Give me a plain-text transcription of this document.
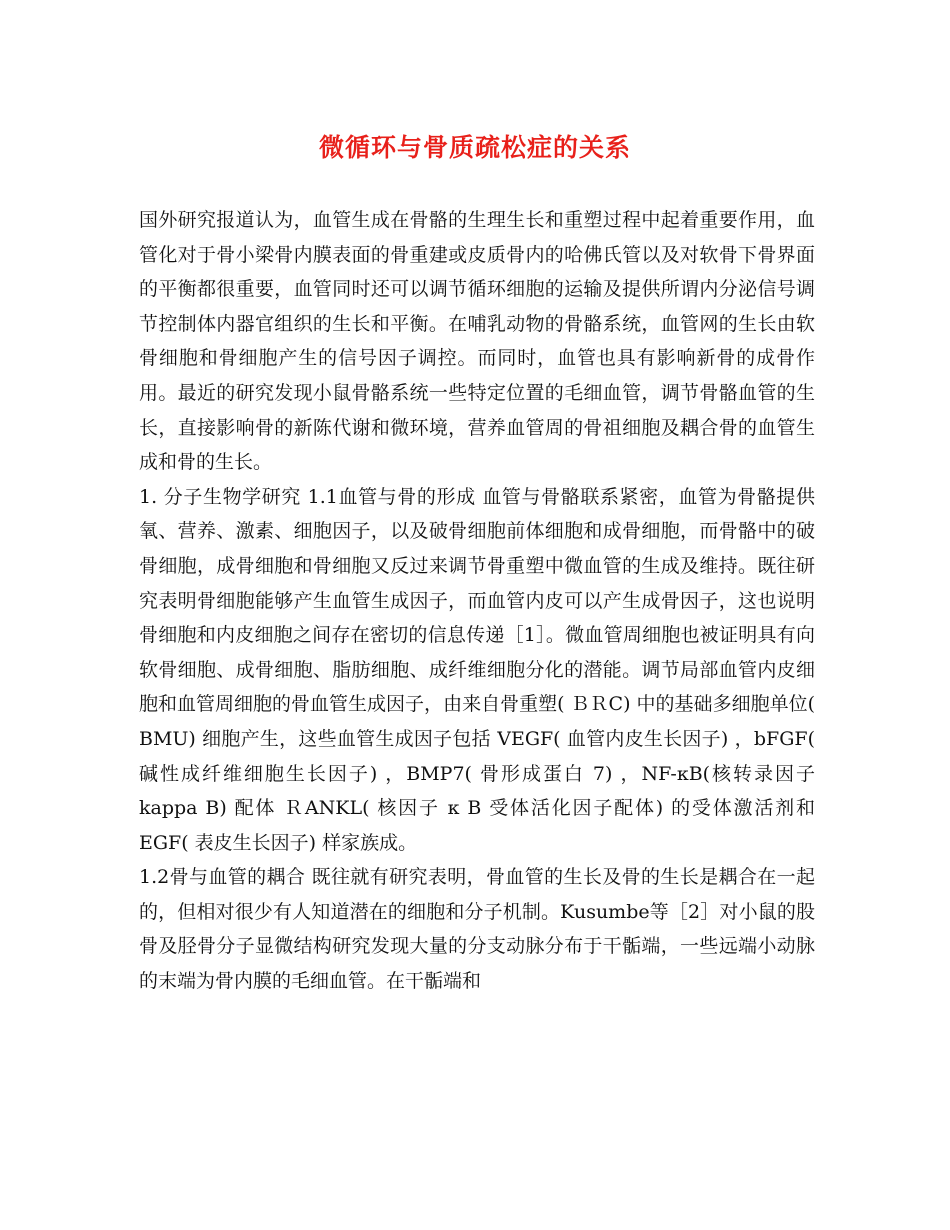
微循环与骨质疏松症的关系

国外研究报道认为，血管生成在骨骼的生理生长和重塑过程中起着重要作用，血管化对于骨小梁骨内膜表面的骨重建或皮质骨内的哈佛氏管以及对软骨下骨界面的平衡都很重要，血管同时还可以调节循环细胞的运输及提供所谓内分泌信号调节控制体内器官组织的生长和平衡。在哺乳动物的骨骼系统，血管网的生长由软骨细胞和骨细胞产生的信号因子调控。而同时，血管也具有影响新骨的成骨作用。最近的研究发现小鼠骨骼系统一些特定位置的毛细血管，调节骨骼血管的生长，直接影响骨的新陈代谢和微环境，营养血管周的骨祖细胞及耦合骨的血管生成和骨的生长。

1. 分子生物学研究 1.1血管与骨的形成 血管与骨骼联系紧密，血管为骨骼提供氧、营养、激素、细胞因子，以及破骨细胞前体细胞和成骨细胞，而骨骼中的破骨细胞，成骨细胞和骨细胞又反过来调节骨重塑中微血管的生成及维持。既往研究表明骨细胞能够产生血管生成因子，而血管内皮可以产生成骨因子，这也说明骨细胞和内皮细胞之间存在密切的信息传递［1］。微血管周细胞也被证明具有向软骨细胞、成骨细胞、脂肪细胞、成纤维细胞分化的潜能。调节局部血管内皮细胞和血管周细胞的骨血管生成因子，由来自骨重塑( ＢＲC) 中的基础多细胞单位( BMU) 细胞产生，这些血管生成因子包括 VEGF( 血管内皮生长因子) ，bFGF( 碱性成纤维细胞生长因子) ，BMP7( 骨形成蛋白 7) ，NF-κB(核转录因子 kappa B) 配体 ＲANKL( 核因子 κ B 受体活化因子配体) 的受体激活剂和 EGF( 表皮生长因子) 样家族成。

1.2骨与血管的耦合 既往就有研究表明，骨血管的生长及骨的生长是耦合在一起的，但相对很少有人知道潜在的细胞和分子机制。Kusumbe等［2］对小鼠的股骨及胫骨分子显微结构研究发现大量的分支动脉分布于干骺端，一些远端小动脉的末端为骨内膜的毛细血管。在干骺端和
